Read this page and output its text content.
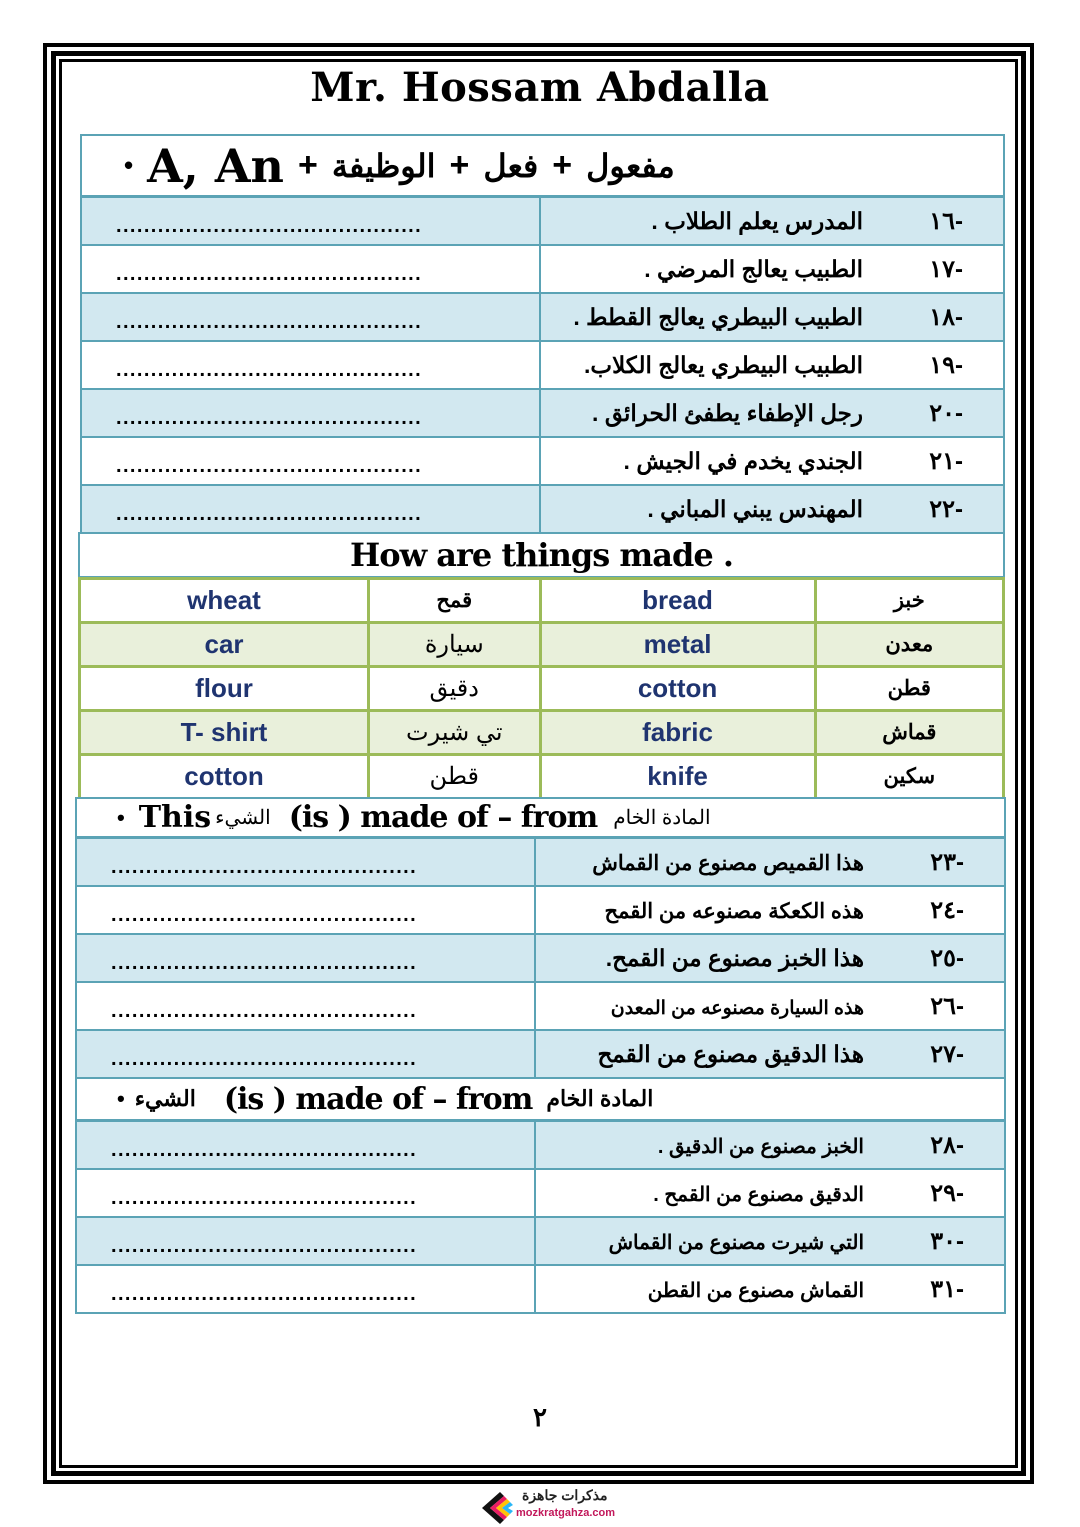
Mr. Hossam Abdalla
• A, An + الوظيفة + فعل + مفعول
............................................	-١٦المدرس يعلم الطلاب .

............................................	-١٧الطبيب يعالج المرضي .

............................................	-١٨الطبيب البيطري يعالج القطط .

............................................	-١٩الطبيب البيطري يعالج الكلاب.

............................................	-٢٠رجل الإطفاء يطفئ الحرائق .

............................................	-٢١الجندي يخدم في الجيش .

............................................	-٢٢المهندس يبني المباني .
How are things made .
wheat	قمح	bread	خبز
car	سيارة	metal	معدن
flour	دقيق	cotton	قطن
T- shirt	تي شيرت	fabric	قماش
cotton	قطن	knife	سكين
• This الشيء (is ) made of – from المادة الخام
............................................	-٢٣هذا القميص مصنوع من القماش

............................................	-٢٤هذه الكعكة مصنوعه من القمح

............................................	-٢٥هذا الخبز مصنوع من القمح.

............................................	-٢٦هذه السيارة مصنوعه من المعدن

............................................	-٢٧هذا الدقيق مصنوع من القمح
• الشيء (is ) made of – from المادة الخام
............................................	-٢٨الخبز مصنوع من الدقيق .

............................................	-٢٩الدقيق مصنوع من القمح .

............................................	-٣٠التي شيرت مصنوع من القماش

............................................	-٣١القماش مصنوع من القطن
٢
مذكرات جاهزة
mozkratgahza.com
